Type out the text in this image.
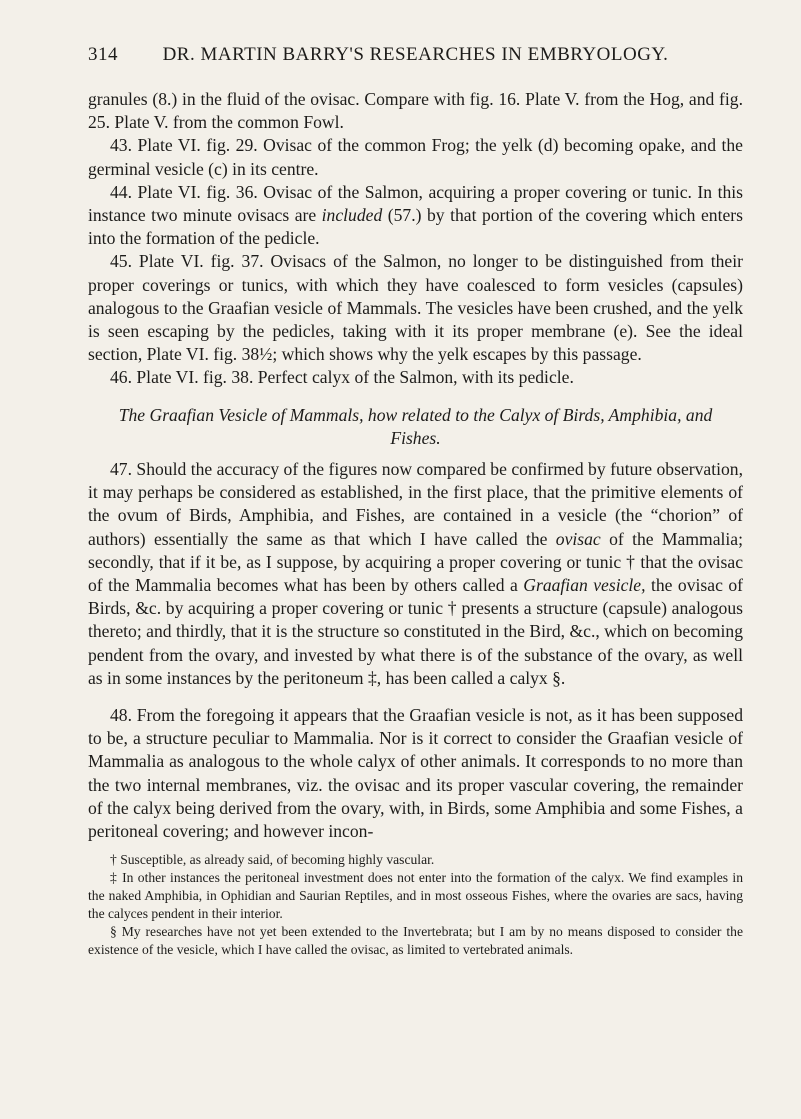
314	DR. MARTIN BARRY'S RESEARCHES IN EMBRYOLOGY.

granules (8.) in the fluid of the ovisac. Compare with fig. 16. Plate V. from the Hog, and fig. 25. Plate V. from the common Fowl.

43. Plate VI. fig. 29. Ovisac of the common Frog; the yelk (d) becoming opake, and the germinal vesicle (c) in its centre.

44. Plate VI. fig. 36. Ovisac of the Salmon, acquiring a proper covering or tunic. In this instance two minute ovisacs are included (57.) by that portion of the covering which enters into the formation of the pedicle.

45. Plate VI. fig. 37. Ovisacs of the Salmon, no longer to be distinguished from their proper coverings or tunics, with which they have coalesced to form vesicles (capsules) analogous to the Graafian vesicle of Mammals. The vesicles have been crushed, and the yelk is seen escaping by the pedicles, taking with it its proper membrane (e). See the ideal section, Plate VI. fig. 38½; which shows why the yelk escapes by this passage.

46. Plate VI. fig. 38. Perfect calyx of the Salmon, with its pedicle.

The Graafian Vesicle of Mammals, how related to the Calyx of Birds, Amphibia, and Fishes.

47. Should the accuracy of the figures now compared be confirmed by future observation, it may perhaps be considered as established, in the first place, that the primitive elements of the ovum of Birds, Amphibia, and Fishes, are contained in a vesicle (the “chorion” of authors) essentially the same as that which I have called the ovisac of the Mammalia; secondly, that if it be, as I suppose, by acquiring a proper covering or tunic † that the ovisac of the Mammalia becomes what has been by others called a Graafian vesicle, the ovisac of Birds, &c. by acquiring a proper covering or tunic † presents a structure (capsule) analogous thereto; and thirdly, that it is the structure so constituted in the Bird, &c., which on becoming pendent from the ovary, and invested by what there is of the substance of the ovary, as well as in some instances by the peritoneum ‡, has been called a calyx §.

48. From the foregoing it appears that the Graafian vesicle is not, as it has been supposed to be, a structure peculiar to Mammalia. Nor is it correct to consider the Graafian vesicle of Mammalia as analogous to the whole calyx of other animals. It corresponds to no more than the two internal membranes, viz. the ovisac and its proper vascular covering, the remainder of the calyx being derived from the ovary, with, in Birds, some Amphibia and some Fishes, a peritoneal covering; and however incon-

† Susceptible, as already said, of becoming highly vascular.

‡ In other instances the peritoneal investment does not enter into the formation of the calyx. We find examples in the naked Amphibia, in Ophidian and Saurian Reptiles, and in most osseous Fishes, where the ovaries are sacs, having the calyces pendent in their interior.

§ My researches have not yet been extended to the Invertebrata; but I am by no means disposed to consider the existence of the vesicle, which I have called the ovisac, as limited to vertebrated animals.
